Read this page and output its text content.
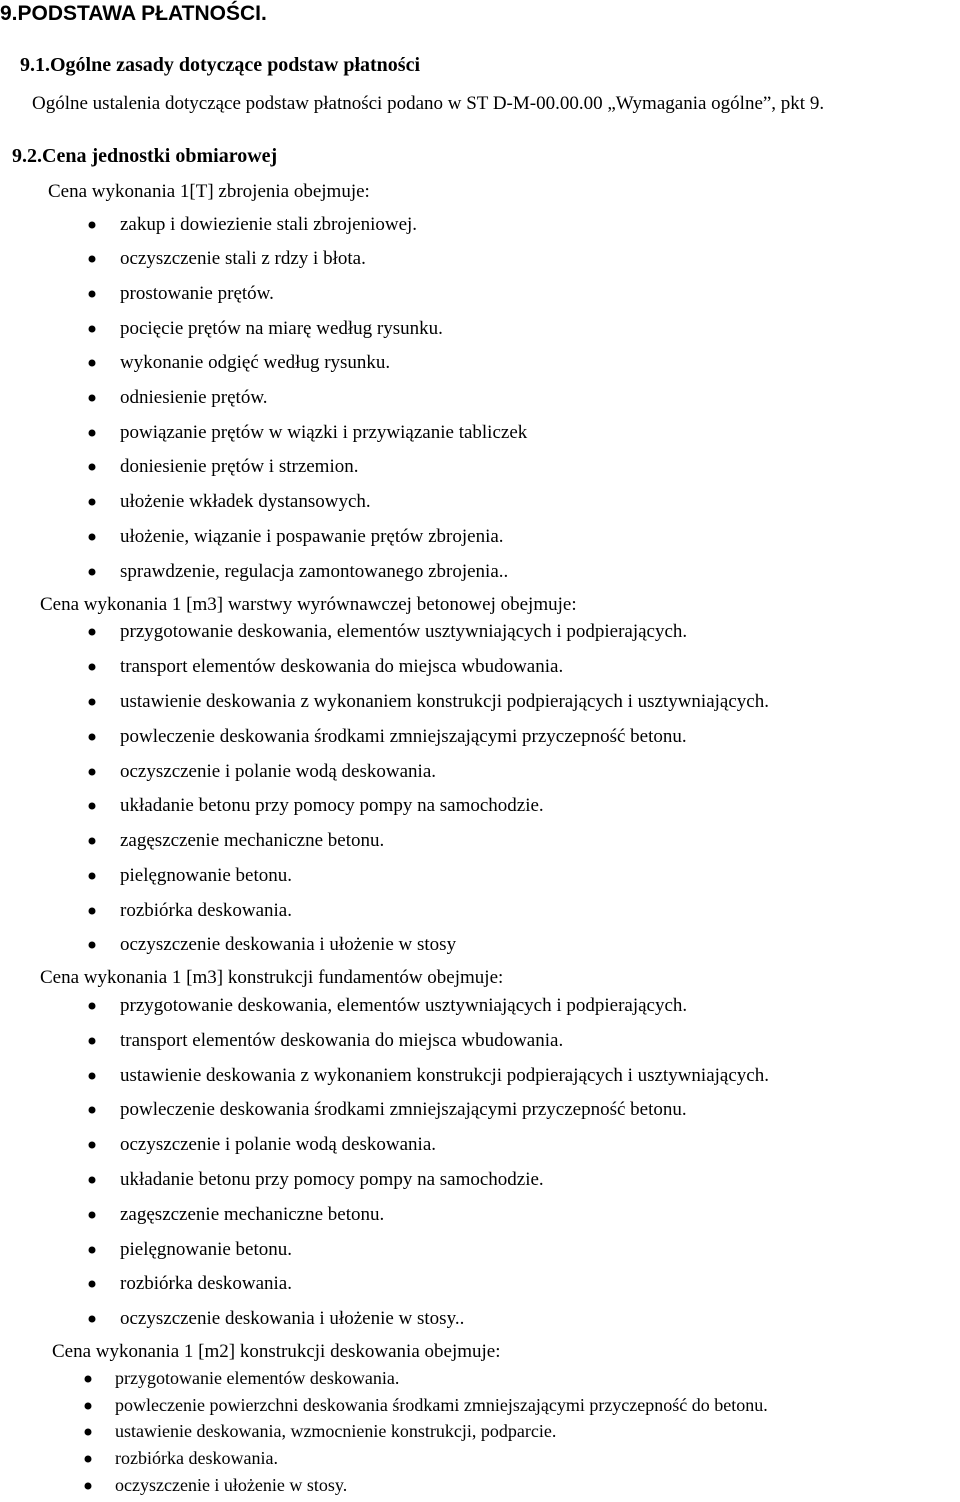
9.PODSTAWA PŁATNOŚCI.
9.1.Ogólne zasady dotyczące podstaw płatności
Ogólne ustalenia dotyczące podstaw płatności podano w ST D-M-00.00.00 „Wymagania ogólne”, pkt 9.
9.2.Cena jednostki obmiarowej
Cena wykonania 1[T] zbrojenia obejmuje:
zakup i dowiezienie stali zbrojeniowej.
oczyszczenie stali z rdzy i błota.
prostowanie prętów.
pocięcie prętów na miarę według rysunku.
wykonanie odgięć według rysunku.
odniesienie prętów.
powiązanie prętów w wiązki i przywiązanie tabliczek
doniesienie prętów i strzemion.
ułożenie wkładek dystansowych.
ułożenie, wiązanie i pospawanie prętów zbrojenia.
sprawdzenie, regulacja zamontowanego zbrojenia..
Cena wykonania 1 [m3] warstwy wyrównawczej betonowej obejmuje:
przygotowanie deskowania, elementów usztywniających i podpierających.
transport elementów deskowania do miejsca wbudowania.
ustawienie deskowania z wykonaniem konstrukcji podpierających i usztywniających.
powleczenie deskowania środkami zmniejszającymi przyczepność betonu.
oczyszczenie i polanie wodą deskowania.
układanie betonu przy pomocy pompy na samochodzie.
zagęszczenie mechaniczne betonu.
pielęgnowanie betonu.
rozbiórka deskowania.
oczyszczenie deskowania i ułożenie w stosy
Cena wykonania 1 [m3] konstrukcji fundamentów obejmuje:
przygotowanie deskowania, elementów usztywniających i podpierających.
transport elementów deskowania do miejsca wbudowania.
ustawienie deskowania z wykonaniem konstrukcji podpierających i usztywniających.
powleczenie deskowania środkami zmniejszającymi przyczepność betonu.
oczyszczenie i polanie wodą deskowania.
układanie betonu przy pomocy pompy na samochodzie.
zagęszczenie mechaniczne betonu.
pielęgnowanie betonu.
rozbiórka deskowania.
oczyszczenie deskowania i ułożenie w stosy..
Cena wykonania 1 [m2] konstrukcji deskowania obejmuje:
przygotowanie elementów deskowania.
powleczenie powierzchni deskowania środkami zmniejszającymi przyczepność do betonu.
ustawienie deskowania, wzmocnienie konstrukcji, podparcie.
rozbiórka deskowania.
oczyszczenie i ułożenie w stosy.
